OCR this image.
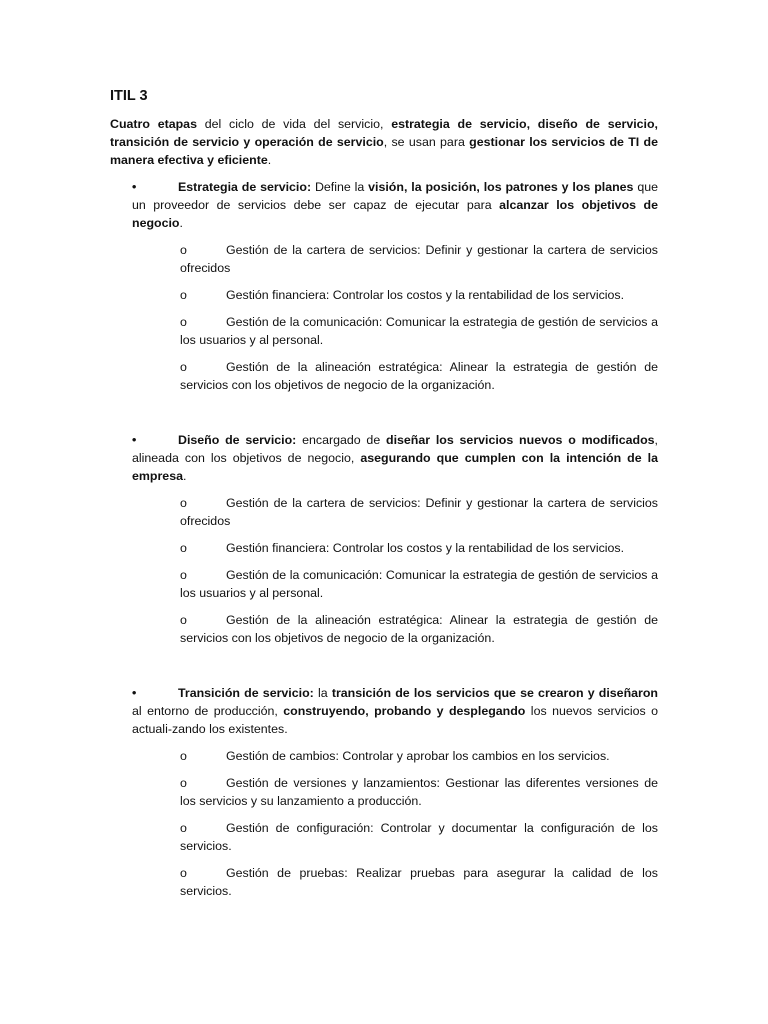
ITIL 3

Cuatro etapas del ciclo de vida del servicio, estrategia de servicio, diseño de servicio, transición de servicio y operación de servicio, se usan para gestionar los servicios de TI de manera efectiva y eficiente.

•	Estrategia de servicio: Define la visión, la posición, los patrones y los planes que un proveedor de servicios debe ser capaz de ejecutar para alcanzar los objetivos de negocio.

o	Gestión de la cartera de servicios: Definir y gestionar la cartera de servicios ofrecidos

o	Gestión financiera: Controlar los costos y la rentabilidad de los servicios.

o	Gestión de la comunicación: Comunicar la estrategia de gestión de servicios a los usuarios y al personal.

o	Gestión de la alineación estratégica: Alinear la estrategia de gestión de servicios con los objetivos de negocio de la organización.

•	Diseño de servicio: encargado de diseñar los servicios nuevos o modificados, alineada con los objetivos de negocio, asegurando que cumplen con la intención de la empresa.

o	Gestión de la cartera de servicios: Definir y gestionar la cartera de servicios ofrecidos

o	Gestión financiera: Controlar los costos y la rentabilidad de los servicios.

o	Gestión de la comunicación: Comunicar la estrategia de gestión de servicios a los usuarios y al personal.

o	Gestión de la alineación estratégica: Alinear la estrategia de gestión de servicios con los objetivos de negocio de la organización.

•	Transición de servicio: la transición de los servicios que se crearon y diseñaron al entorno de producción, construyendo, probando y desplegando los nuevos servicios o actuali-zando los existentes.

o	Gestión de cambios: Controlar y aprobar los cambios en los servicios.

o	Gestión de versiones y lanzamientos: Gestionar las diferentes versiones de los servicios y su lanzamiento a producción.

o	Gestión de configuración: Controlar y documentar la configuración de los servicios.

o	Gestión de pruebas: Realizar pruebas para asegurar la calidad de los servicios.
